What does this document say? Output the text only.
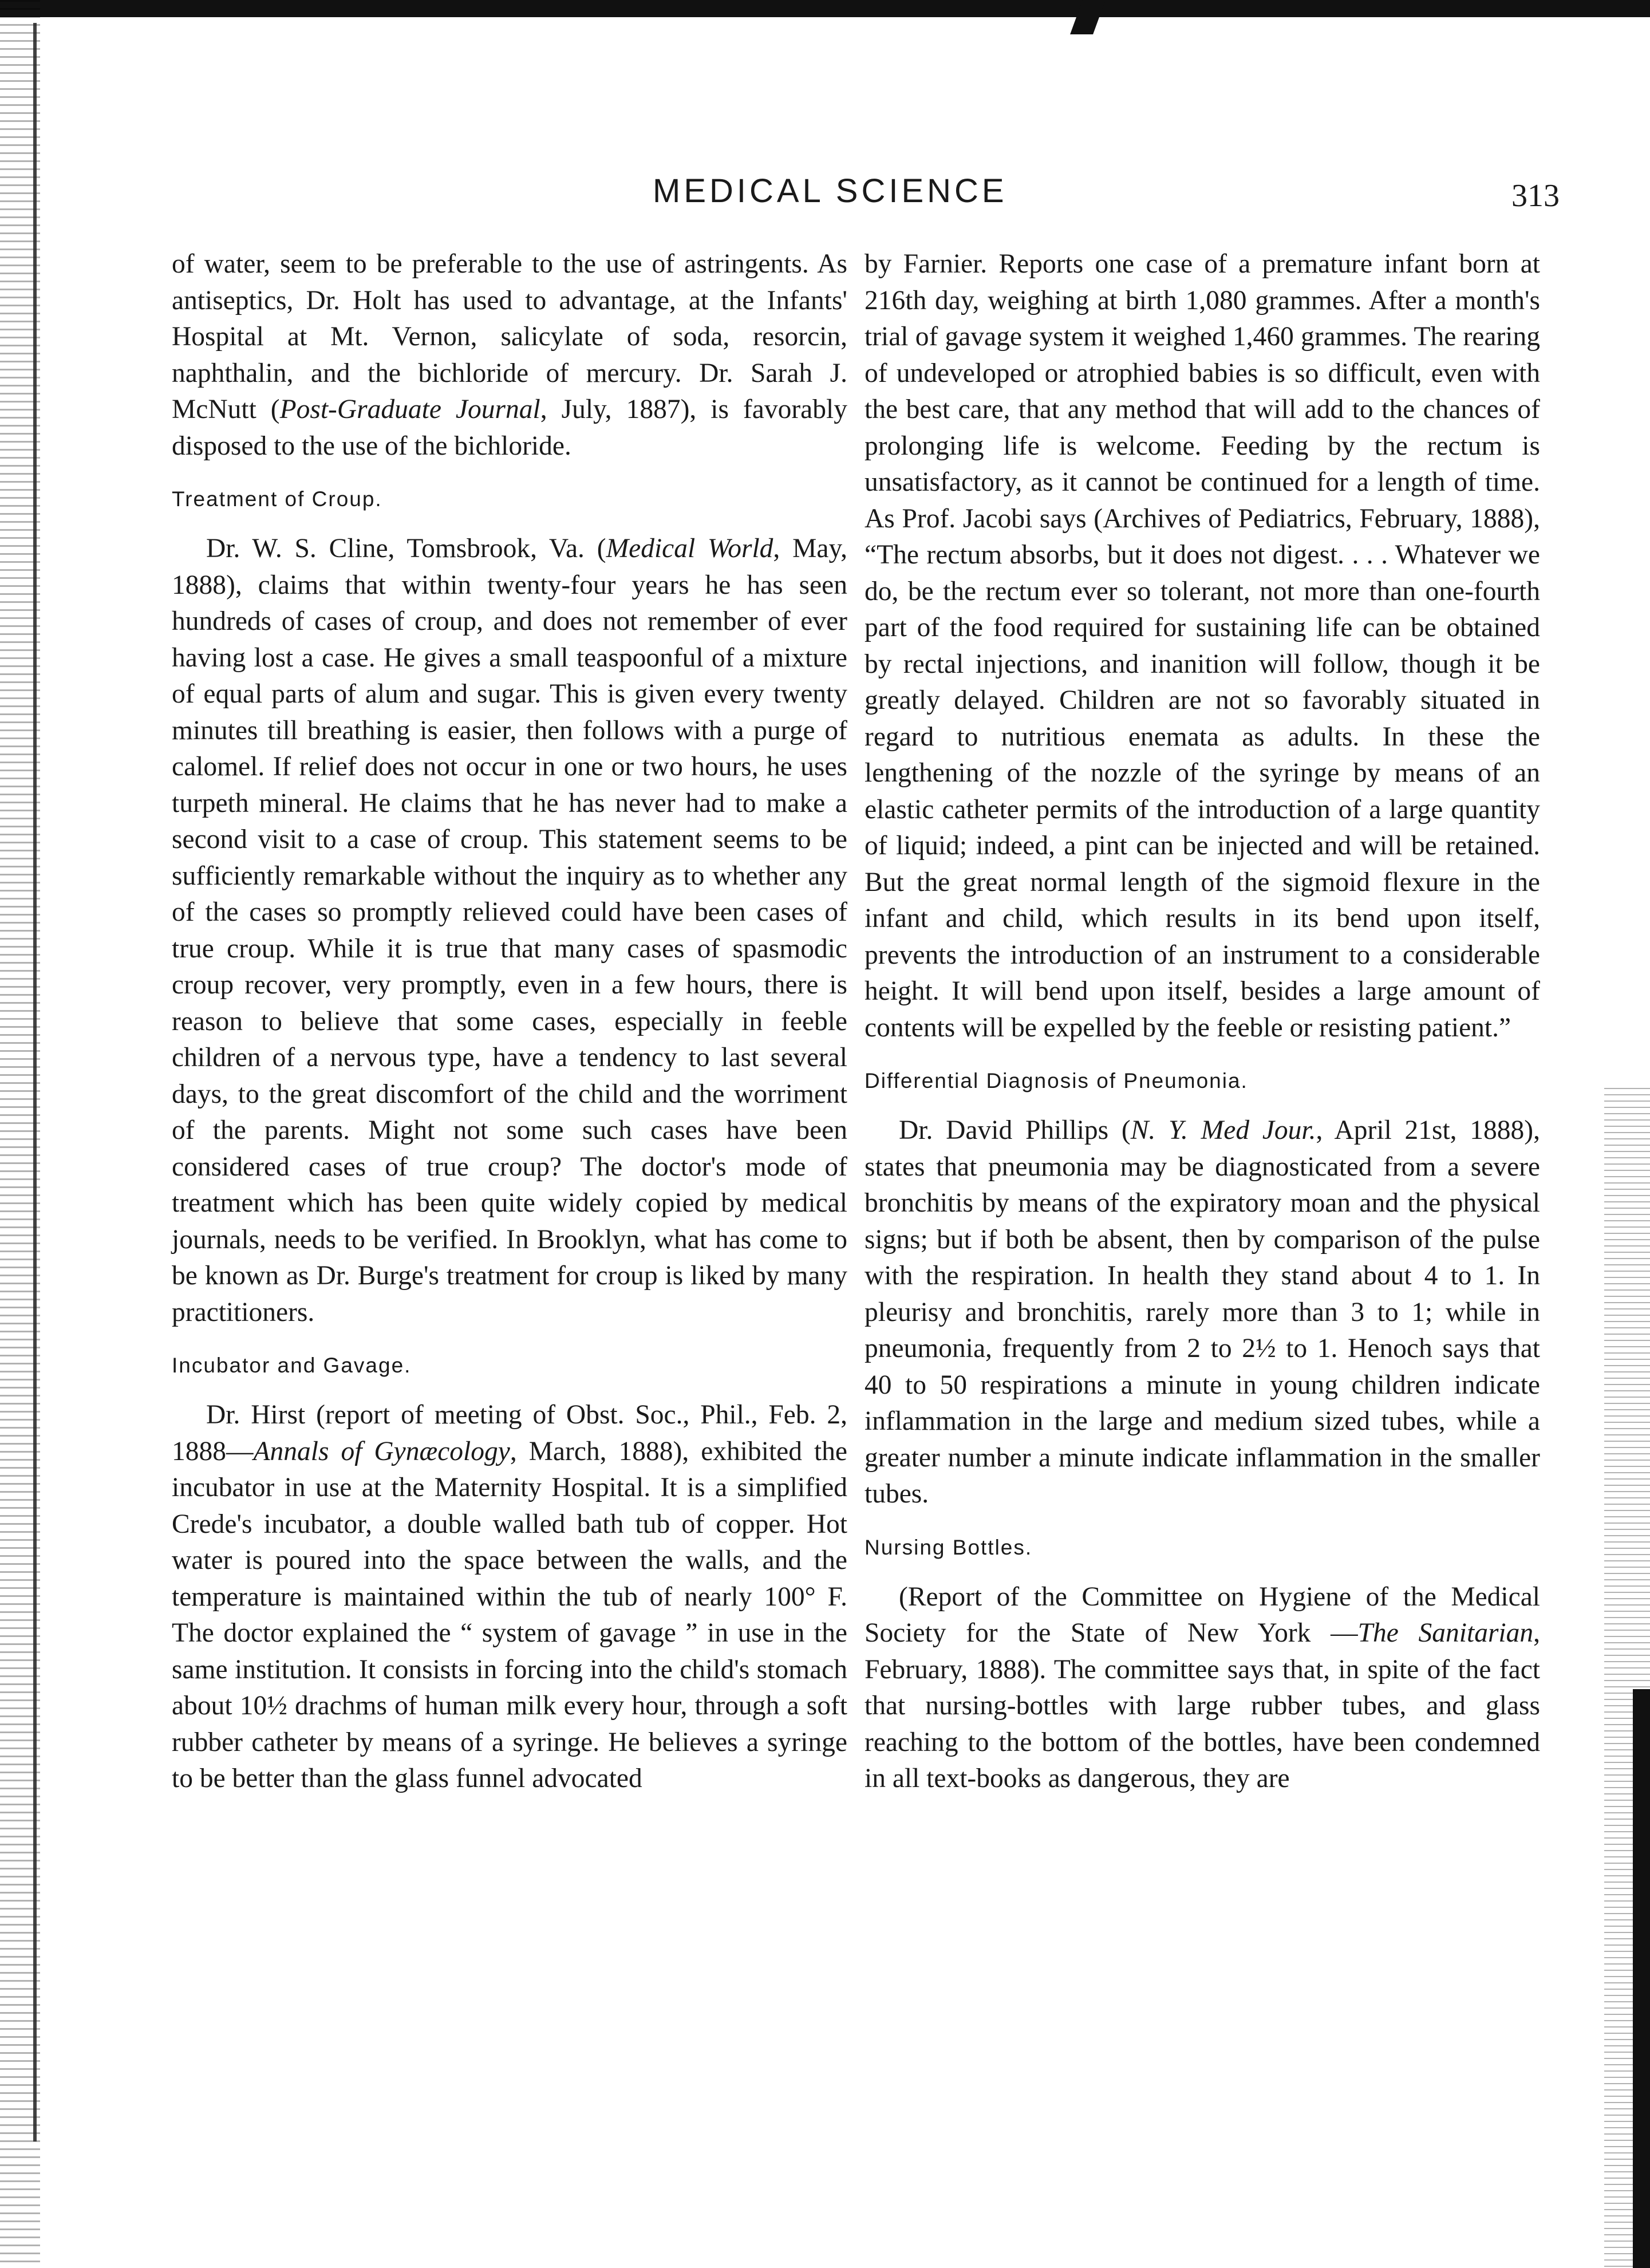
MEDICAL SCIENCE	313

of water, seem to be preferable to the use of astringents. As antiseptics, Dr. Holt has used to advantage, at the Infants' Hospital at Mt. Vernon, salicylate of soda, resorcin, naphthalin, and the bichloride of mercury. Dr. Sarah J. McNutt (Post-Graduate Journal, July, 1887), is favorably disposed to the use of the bichloride.

Treatment of Croup.

Dr. W. S. Cline, Tomsbrook, Va. (Medical World, May, 1888), claims that within twenty-four years he has seen hundreds of cases of croup, and does not remember of ever having lost a case. He gives a small teaspoonful of a mixture of equal parts of alum and sugar. This is given every twenty minutes till breathing is easier, then follows with a purge of calomel. If relief does not occur in one or two hours, he uses turpeth mineral. He claims that he has never had to make a second visit to a case of croup. This statement seems to be sufficiently remarkable without the inquiry as to whether any of the cases so promptly relieved could have been cases of true croup. While it is true that many cases of spasmodic croup recover, very promptly, even in a few hours, there is reason to believe that some cases, especially in feeble children of a nervous type, have a tendency to last several days, to the great discomfort of the child and the worriment of the parents. Might not some such cases have been considered cases of true croup? The doctor's mode of treatment which has been quite widely copied by medical journals, needs to be verified. In Brooklyn, what has come to be known as Dr. Burge's treatment for croup is liked by many practitioners.

Incubator and Gavage.

Dr. Hirst (report of meeting of Obst. Soc., Phil., Feb. 2, 1888—Annals of Gynæcology, March, 1888), exhibited the incubator in use at the Maternity Hospital. It is a simplified Crede's incubator, a double walled bath tub of copper. Hot water is poured into the space between the walls, and the temperature is maintained within the tub of nearly 100° F. The doctor explained the “ system of gavage ” in use in the same institution. It consists in forcing into the child's stomach about 10½ drachms of human milk every hour, through a soft rubber catheter by means of a syringe. He believes a syringe to be better than the glass funnel advocated

by Farnier. Reports one case of a premature infant born at 216th day, weighing at birth 1,080 grammes. After a month's trial of gavage system it weighed 1,460 grammes. The rearing of undeveloped or atrophied babies is so difficult, even with the best care, that any method that will add to the chances of prolonging life is welcome. Feeding by the rectum is unsatisfactory, as it cannot be continued for a length of time. As Prof. Jacobi says (Archives of Pediatrics, February, 1888), “The rectum absorbs, but it does not digest. . . . Whatever we do, be the rectum ever so tolerant, not more than one-fourth part of the food required for sustaining life can be obtained by rectal injections, and inanition will follow, though it be greatly delayed. Children are not so favorably situated in regard to nutritious enemata as adults. In these the lengthening of the nozzle of the syringe by means of an elastic catheter permits of the introduction of a large quantity of liquid; indeed, a pint can be injected and will be retained. But the great normal length of the sigmoid flexure in the infant and child, which results in its bend upon itself, prevents the introduction of an instrument to a considerable height. It will bend upon itself, besides a large amount of contents will be expelled by the feeble or resisting patient.”

Differential Diagnosis of Pneumonia.

Dr. David Phillips (N. Y. Med Jour., April 21st, 1888), states that pneumonia may be diagnosticated from a severe bronchitis by means of the expiratory moan and the physical signs; but if both be absent, then by comparison of the pulse with the respiration. In health they stand about 4 to 1. In pleurisy and bronchitis, rarely more than 3 to 1; while in pneumonia, frequently from 2 to 2½ to 1. Henoch says that 40 to 50 respirations a minute in young children indicate inflammation in the large and medium sized tubes, while a greater number a minute indicate inflammation in the smaller tubes.

Nursing Bottles.

(Report of the Committee on Hygiene of the Medical Society for the State of New York —The Sanitarian, February, 1888). The committee says that, in spite of the fact that nursing-bottles with large rubber tubes, and glass reaching to the bottom of the bottles, have been condemned in all text-books as dangerous, they are
